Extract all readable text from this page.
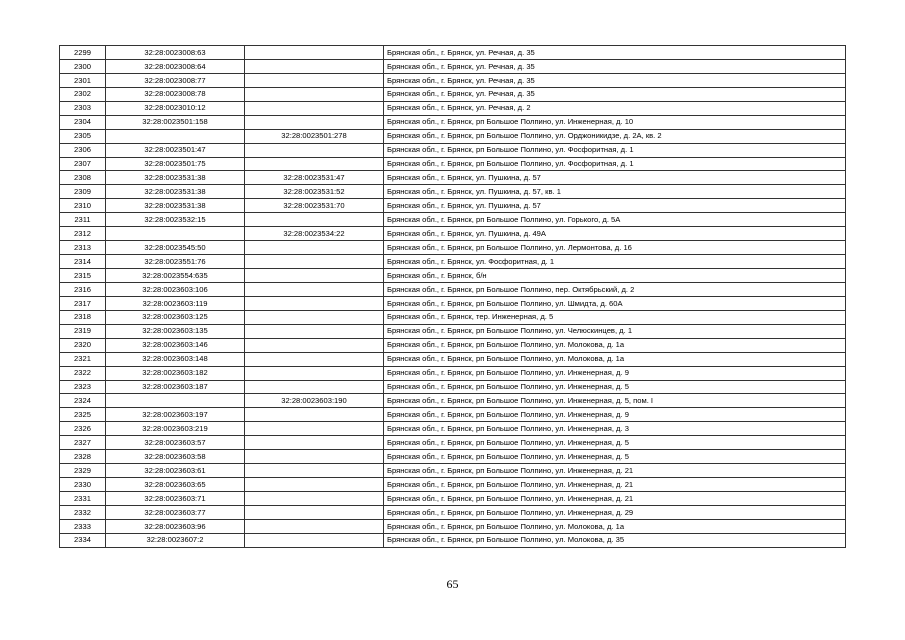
2299	32:28:0023008:63		Брянская обл., г. Брянск, ул. Речная, д. 35
2300	32:28:0023008:64		Брянская обл., г. Брянск, ул. Речная, д. 35
2301	32:28:0023008:77		Брянская обл., г. Брянск, ул. Речная, д. 35
2302	32:28:0023008:78		Брянская обл., г. Брянск, ул. Речная, д. 35
2303	32:28:0023010:12		Брянская обл., г. Брянск, ул. Речная, д. 2
2304	32:28:0023501:158		Брянская обл., г. Брянск, рп Большое Полпино, ул. Инженерная, д. 10
2305		32:28:0023501:278	Брянская обл., г. Брянск, рп Большое Полпино, ул. Орджоникидзе, д. 2А, кв. 2
2306	32:28:0023501:47		Брянская обл., г. Брянск, рп Большое Полпино, ул. Фосфоритная, д. 1
2307	32:28:0023501:75		Брянская обл., г. Брянск, рп Большое Полпино, ул. Фосфоритная, д. 1
2308	32:28:0023531:38	32:28:0023531:47	Брянская обл., г. Брянск, ул. Пушкина, д. 57
2309	32:28:0023531:38	32:28:0023531:52	Брянская обл., г. Брянск, ул. Пушкина, д. 57, кв. 1
2310	32:28:0023531:38	32:28:0023531:70	Брянская обл., г. Брянск, ул. Пушкина, д. 57
2311	32:28:0023532:15		Брянская обл., г. Брянск, рп Большое Полпино, ул. Горького, д. 5А
2312		32:28:0023534:22	Брянская обл., г. Брянск, ул. Пушкина, д. 49А
2313	32:28:0023545:50		Брянская обл., г. Брянск, рп Большое Полпино, ул. Лермонтова, д. 16
2314	32:28:0023551:76		Брянская обл., г. Брянск, ул. Фосфоритная, д. 1
2315	32:28:0023554:635		Брянская обл., г. Брянск, б/н
2316	32:28:0023603:106		Брянская обл., г. Брянск, рп Большое Полпино, пер. Октябрьский, д. 2
2317	32:28:0023603:119		Брянская обл., г. Брянск, рп Большое Полпино, ул. Шмидта, д. 60А
2318	32:28:0023603:125		Брянская обл., г. Брянск, тер. Инженерная, д. 5
2319	32:28:0023603:135		Брянская обл., г. Брянск, рп Большое Полпино, ул. Челюскинцев, д. 1
2320	32:28:0023603:146		Брянская обл., г. Брянск, рп Большое Полпино, ул. Молокова, д. 1а
2321	32:28:0023603:148		Брянская обл., г. Брянск, рп Большое Полпино, ул. Молокова, д. 1а
2322	32:28:0023603:182		Брянская обл., г. Брянск, рп Большое Полпино, ул. Инженерная, д. 9
2323	32:28:0023603:187		Брянская обл., г. Брянск, рп Большое Полпино, ул. Инженерная, д. 5
2324		32:28:0023603:190	Брянская обл., г. Брянск, рп Большое Полпино, ул. Инженерная, д. 5, пом. I
2325	32:28:0023603:197		Брянская обл., г. Брянск, рп Большое Полпино, ул. Инженерная, д. 9
2326	32:28:0023603:219		Брянская обл., г. Брянск, рп Большое Полпино, ул. Инженерная, д. 3
2327	32:28:0023603:57		Брянская обл., г. Брянск, рп Большое Полпино, ул. Инженерная, д. 5
2328	32:28:0023603:58		Брянская обл., г. Брянск, рп Большое Полпино, ул. Инженерная, д. 5
2329	32:28:0023603:61		Брянская обл., г. Брянск, рп Большое Полпино, ул. Инженерная, д. 21
2330	32:28:0023603:65		Брянская обл., г. Брянск, рп Большое Полпино, ул. Инженерная, д. 21
2331	32:28:0023603:71		Брянская обл., г. Брянск, рп Большое Полпино, ул. Инженерная, д. 21
2332	32:28:0023603:77		Брянская обл., г. Брянск, рп Большое Полпино, ул. Инженерная, д. 29
2333	32:28:0023603:96		Брянская обл., г. Брянск, рп Большое Полпино, ул. Молокова, д. 1а
2334	32:28:0023607:2		Брянская обл., г. Брянск, рп Большое Полпино, ул. Молокова, д. 35
65
